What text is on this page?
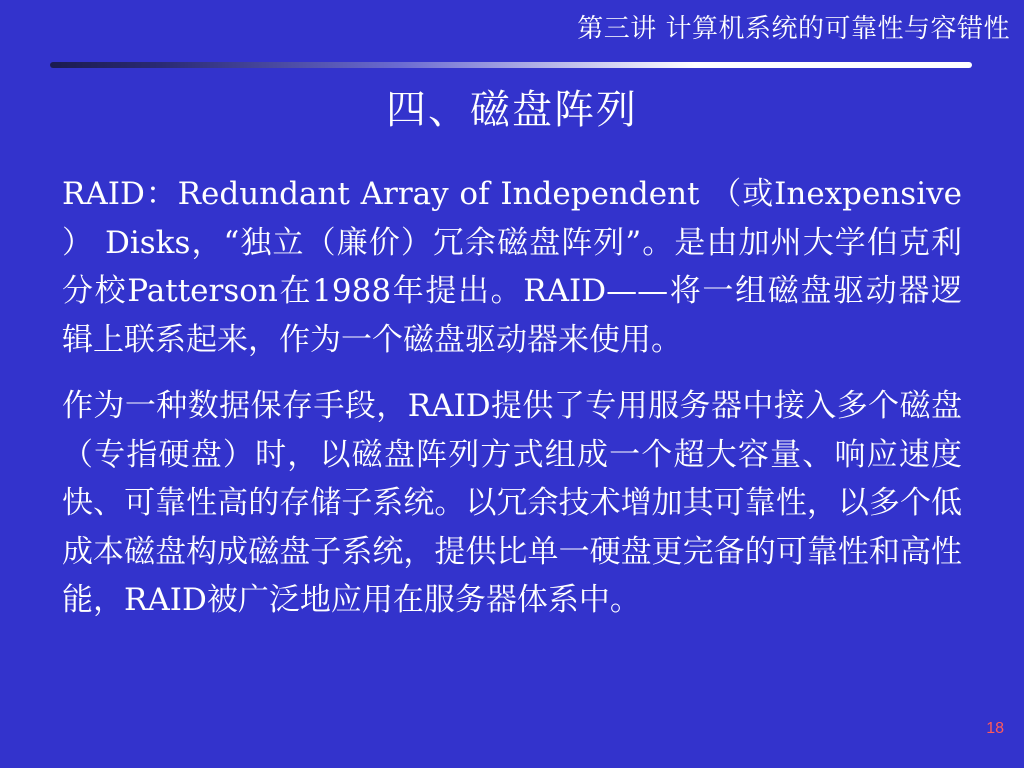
第三讲 计算机系统的可靠性与容错性
四、磁盘阵列

RAID：Redundant Array of Independent （或Inexpensive ） Disks，“独立（廉价）冗余磁盘阵列”。是由加州大学伯克利分校Patterson在1988年提出。RAID——将一组磁盘驱动器逻辑上联系起来，作为一个磁盘驱动器来使用。

作为一种数据保存手段，RAID提供了专用服务器中接入多个磁盘（专指硬盘）时，以磁盘阵列方式组成一个超大容量、响应速度快、可靠性高的存储子系统。以冗余技术增加其可靠性，以多个低成本磁盘构成磁盘子系统，提供比单一硬盘更完备的可靠性和高性能，RAID被广泛地应用在服务器体系中。

18
